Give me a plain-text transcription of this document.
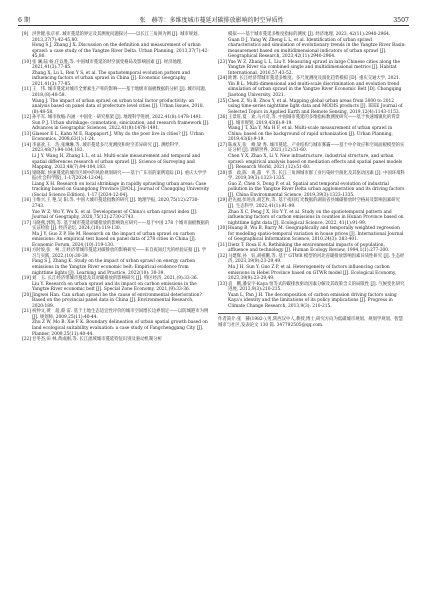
6 期	张　赫等：多维度城市蔓延对碳排放影响的时空异质性	3507

[9] 洪世键,张京祥. 城市蔓延的界定及其测度问题探讨——以长江三角洲为例 [J]. 城市规划, 2013,37(7):42-45,80.

Hong S J, Zhang J X. Discussion on the definition and measurement of urban sprawl: a case study of the Yangtze River Delta. Urban Planning, 2013,37(7):42-45,80.

[10]张 澜,陆 杨,任以胜,等. 中国城市蔓延的时空演变格局及影响因素 [J]. 经济地理, 2021,41(3):77-85.

Zhang X, Lu L, Ren Y S, et al. The spatiotemporal evolution pattern and influencing factors of urban sprawl in China [J]. Economic Geography, 2021,41(3):77-85.

[11]王　伟. 城市蔓延对城市全要素生产率的影响——基于地级市面板数据的分析 [J]. 城市问题, 2018,(8):48-58.

Wang J. The impact of urban sprawl on urban total factor productivity: an analysis based on panel data of prefecture level cities [J]. Urban Issues, 2018,(8):48-58.

[12]孙平军. 城市收缩:内涵 · 中国化 · 研究框架 [J]. 地理科学进展, 2022,41(8):1478-1491.

Sun P J. Urban shrinkage: connotation, sinicization, and research framework [J]. Advances in Geographic Sciences, 2022,41(8):1478-1491.

[13]Glaeser E L, Kahn M E, Rappaport J. Why do the poor live in cities? [J]. Urban Economics, 2008,63(1):1-24.

[14]李嘉欢,王　浩,张琳琳,等. 城市蔓延多尺度测度和时空差异研究 [J]. 测绘科学, 2023,48(7):94-104,183.

Li J Y, Wang H, Zhang L L, et al. Multi-scale measurement and temporal and spatial differences research of urban sprawl [J]. Science of Surveying and Mapping, 2023,48(7):94-104,183.

[15]梁晓晖. 快速蔓延的城市区域中的风险规划研究——基于广东省的案例追踪 [D]. 重庆大学学报(社会科学版), 1-17[2024-12-04].

Liang X H. Research on local shrinkage in rapidly sprawling urban areas: Case tracking based on Guangdong Province [D/OL]. Journal of Chongqing University (Social Science Edition), 1-17 [2024-12-04].

[16]王维兴,王 艳,吴 阳,等. 中国大城市蔓延指数的研究 [J]. 地理学报, 2020,75(12):2730-2743.

Yue W Z, Wu Y, Wu X, et al. Development of China's urban sprawl index [J]. Journal of Geography, 2020,75(12):2730-2743.

[17]马晓燕,郭凯,等. 基于城市蔓延对碳排放的影响效应研究——基于中国 278 个城市面板数据的实证检验 [J]. 经济论坛, 2024,(10):119-130.

Ma J Y, Guo Z P, He M. Research on the impact of urban sprawl on carbon emissions: An empirical test based on panel data of 278 cities in China [J]. Economic Forum, 2024,(10):119-130.

[18]方时姣,张　柯. 江经济带城市蔓延对碳排放的影响研究——来自夜间灯光的经验证据 [J]. 学习与实践, 2022,(10):30-39.

Fang S J, Zhang K. Study on the impact of urban sprawl on energy carbon emissions in the Yangtze River economic belt: Empirical evidence from nighttime lights [J]. Learning and Practice, 2022(10): 30-39.

[19]刘　玉. 长江经济带城市蔓延及其对碳排放的影响研究 [J]. 特区经济, 2021,(9):33-36.

Liu Y. Research on urban sprawl and its impact on carbon emissions in the Yangtze River economic belt [J]. Special Zone Economy, 2021,(9):33-36.

[20]Jingwei Han. Can urban sprawl be the cause of environmental deterioration? Based on the provincial panel data in China [J]. Environmental Research, 2020:189.

[21]祝仲文,黄　超,蔡 雷. 基于土地生态适宜性评价的城市空间增长边界划定——以防城港市为例 [J]. 规划师, 2009,25(11):40-44.

Zhu Z W, Mo B, Xie F K. Boundary delineation of urban spatial growth based on land ecological suitability evaluation: a case study of Fangchenggang City [J]. Planner, 2009,25(11):40-44.

[22]甘冬杰,田 林,黄成刚,等. 长江流域城市蔓延特征识别及驱动机制分析

模拟——基于城市蔓延多维度指标的测度 [J]. 经济地理, 2023, 42(11):2940-2964.

Guan D J, Yang W, Zheng L L, et al. Identification of urban sprawl characteristics and simulation of evolutionary trends in the Yangtze River Basin: measurement based on multidimensional indicators of urban sprawl [J]. Geographical Research, 2023,42(11):2940-2964.

[23]Yue W Z, Zhang L L, Liu Y. Measuring sprawl in large Chinese cities along the Yangtze River via combined single and multidimensional metrics [J]. Habitat International, 2016,57:43-52.

[24]欧博. 长江经济带城市蔓延多维度、多尺度测度及演化趋势模拟 [D]. 重庆交通大学, 2021.

Yin B L. Multi-dimensional and multi-scale discrimination and evolution trend simulation of urban sprawl in the Yangtze River Economic Belt [D]. Chongqing Jiaotong University, 2021.

[25]Chen Z, Yu B, Zhou Y, et al. Mapping global urban areas from 2000 to 2012 using time-series nighttime light data and MODIS products [J]. IEEE Journal of Selected Topics in Applied Earth and Remote Sensing, 2019,12(4):1143-1153.

[26]王景旺,夏　欢,马兴奇,等. 中国城市蔓延的多维指标数测度研究——基于快速城镇化的背景 [J]. 城市规划, 2019,43(6):9-19.

Wang J T, Xia Y, Ma H F, et al. Multi-scale measurement of urban sprawl in China: based on the background of rapid urbanization [J]. Urban Planning, 2019,43(6):9-19.

[27]陈成友,张　峰,梁 秀. 城市蔓延、产业结构与城市雾霾——基于中介效应和空间面板模型的实证分析 [J]. 调研世界, 2021,(12):51-60.

Chen Y X, Zhao X, Li Y. New infrastructure, industrial structure, and urban sprawl: empirical analysis based on mediation effects and spatial panel models [J]. Research World, 2021,(12):51-60.

[28]郭　政,陈　爽,董　平,等. 长江三角洲城市群工业污染时空演化及其驱动因素 [J]. 中国环境科学, 2019,39(3):1323-1335.

Guo Z, Chen S, Dong P, et al. Spatial and temporal evolution of industrial pollution in the Yangtze River Delta urban agglomeration and its driving factors [J]. China Environmental Science, 2019,39(3):1323-1335.

[29]赵先福,彭进清,胡艺枚,等. 基于夜间灯光数据的湖南省县城碳排放时空格局及影响因素研究 [J]. 生态科学, 2022,41(1):91-99.

Zhao X C, Peng J X, Hu Y Y, et al. Study on the spatiotemporal pattern and influencing factors of carbon emissions in counties in Hunan Province based on nighttime light data [J]. Ecological Science, 2022, 41(1):91-99.

[30]Huang B, Wu B, Barry M. Geographically and temporally weighted regression for modeling spatio-temporal variation in house prices [J]. International Journal of Geographical Information Science, 2010,24(3): 383-401.

[31]Dietz T, Rosa E A. Rethinking the environmental impacts of population, affluence and technology [J]. Human Ecology Review, 1994,1(1):277-300.

[32]马建辉,孙　钰,胡祖鹏,等. 基于 GTWR 模型的河北省碳排放影响因素异质性研究 [J]. 生态经济, 2023,39(9):23-29,49.

Ma J H, Sun Y, Guo Z P, et al. Heterogeneity of factors influencing carbon emissions in Hebei Province based on GTWR model [J]. Ecological Economy, 2023,39(9):23-29,49.

[33]袁　鹏,潘安宇-Kaya 恒等式的碳排放驱动因素分解及其政策含义的局限性 [J]. 气候变化研究进展, 2013,9(3):210-215.

Yuan L, Pan J H. The decomposition of carbon emission driving factors using Kaya's identity and the limitations of its policy implications [J]. Progress in Climate Change Research, 2013,9(3): 210-215.

作者简介:张　赫(1982-),男,陕西汉中人,教授,博士,研究方向为低碳城市规划、规划学规划、智慧城市与社区,发表论文 130 篇. 347792505@qq.com.
